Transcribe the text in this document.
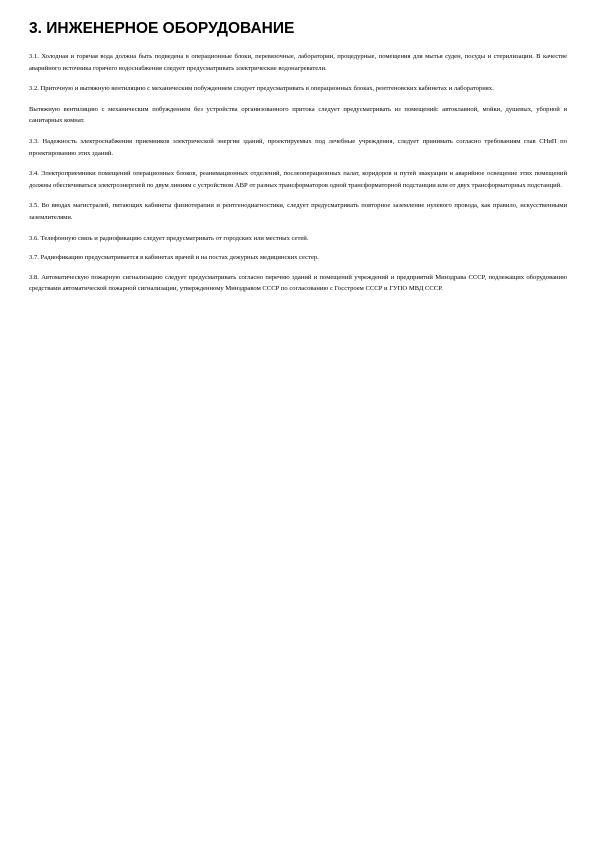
3. ИНЖЕНЕРНОЕ ОБОРУДОВАНИЕ

3.1. Холодная и горячая вода должна быть подведена в операционные блоки, перевязочные, лаборатории, процедурные, помещения для мытья суден, посуды и стерилизации. В качестве аварийного источника горячего водоснабжения следует предусматривать электрические водонагреватели.

3.2. Приточную и вытяжную вентиляцию с механическим побуждением следует предусматривать в операционных блоках, рентгеновских кабинетах и лабораториях.

Вытяжную вентиляцию с механическим побуждением без устройства организованного притока следует предусматривать из помещений: автоклавной, мойки, душевых, уборной и санитарных комнат.

3.3. Надежность электроснабжения приемников электрической энергии зданий, проектируемых под лечебные учреждения, следует принимать согласно требованиям глав СНиП по проектированию этих зданий.

3.4. Электроприемники помещений операционных блоков, реанимационных отделений, послеоперационных палат, коридоров и путей эвакуации и аварийное освещение этих помещений должны обеспечиваться электроэнергией по двум линиям с устройством АВР от разных трансформаторов одной трансформаторной подстанции или от двух трансформаторных подстанций.

3.5. Во вводах магистралей, питающих кабинеты физиотерапии и рентгенодиагностики, следует предусматривать повторное заземление нулевого провода, как правило, искусственными заземлителями.

3.6. Телефонную связь и радиофикацию следует предусматривать от городских или местных сетей.

3.7. Радиофикацию предусматривается в кабинетах врачей и на постах дежурных медицинских сестер.

3.8. Автоматическую пожарную сигнализацию следует предусматривать согласно перечню зданий и помещений учреждений и предприятий Минздрава СССР, подлежащих оборудованию средствами автоматической пожарной сигнализации, утвержденному Минздравом СССР по согласованию с Госстроем СССР и ГУПО МВД СССР.
